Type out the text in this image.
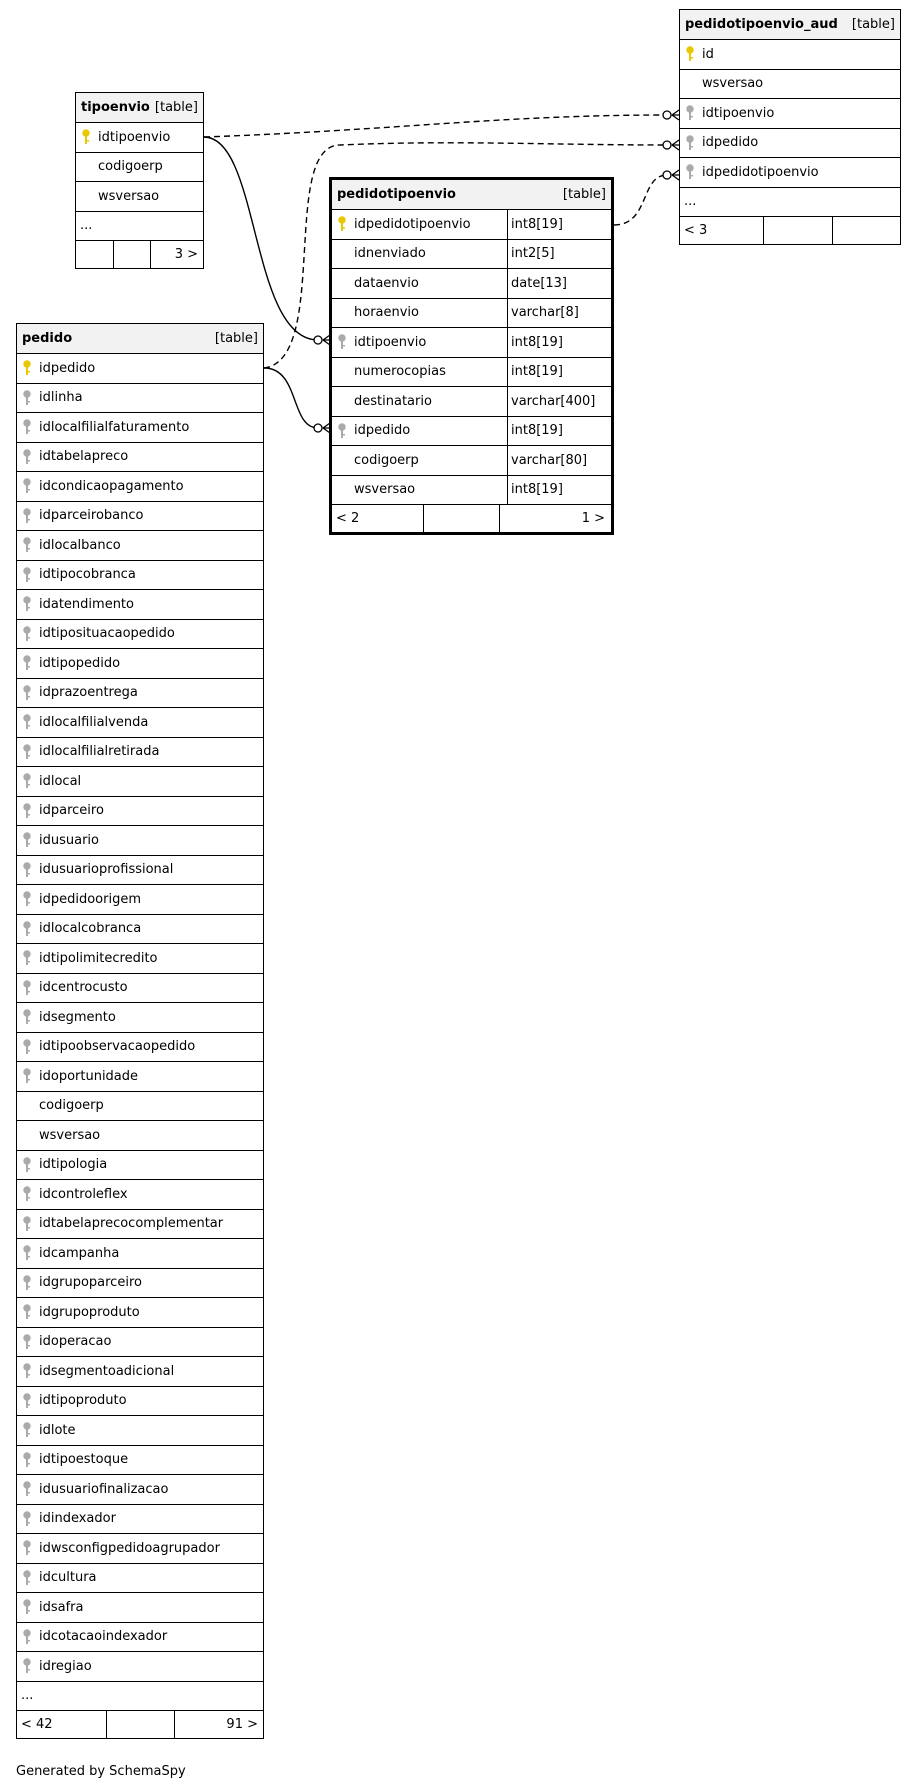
tipoenvio [table]
idtipoenvio
codigoerp
wsversao
...
3 >
pedidotipoenvio_aud [table]
id
wsversao
idtipoenvio
idpedido
idpedidotipoenvio
...
< 3
pedidotipoenvio	[table]
idpedidotipoenvio	int8[19]
idnenviado	int2[5]
dataenvio	date[13]
horaenvio	varchar[8]
idtipoenvio	int8[19]
numerocopias	int8[19]
destinatario	varchar[400]
idpedido	int8[19]
codigoerp	varchar[80]
wsversao	int8[19]
< 2	1 >
pedido	[table]
idpedido
idlinha
idlocalfilialfaturamento
idtabelapreco
idcondicaopagamento
idparceirobanco
idlocalbanco
idtipocobranca
idatendimento
idtiposituacaopedido
idtipopedido
idprazoentrega
idlocalfilialvenda
idlocalfilialretirada
idlocal
idparceiro
idusuario
idusuarioprofissional
idpedidoorigem
idlocalcobranca
idtipolimitecredito
idcentrocusto
idsegmento
idtipoobservacaopedido
idoportunidade
codigoerp
wsversao
idtipologia
idcontroleflex
idtabelaprecocomplementar
idcampanha
idgrupoparceiro
idgrupoproduto
idoperacao
idsegmentoadicional
idtipoproduto
idlote
idtipoestoque
idusuariofinalizacao
idindexador
idwsconfigpedidoagrupador
idcultura
idsafra
idcotacaoindexador
idregiao
...
< 42	91 >
Generated by SchemaSpy
